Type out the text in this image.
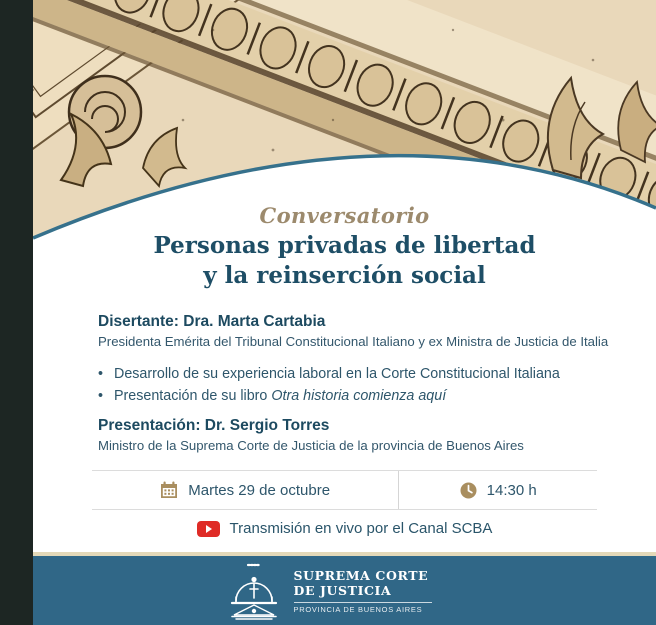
Conversatorio
Personas privadas de libertad
y la reinserción social
Disertante: Dra. Marta Cartabia
Presidenta Emérita del Tribunal Constitucional Italiano y ex Ministra de Justicia de Italia
• Desarrollo de su experiencia laboral en la Corte Constitucional Italiana
• Presentación de su libro Otra historia comienza aquí
Presentación: Dr. Sergio Torres
Ministro de la Suprema Corte de Justicia de la provincia de Buenos Aires
Martes 29 de octubre	14:30 h
Transmisión en vivo por el Canal SCBA
SUPREMA CORTE
DE JUSTICIA
PROVINCIA DE BUENOS AIRES
